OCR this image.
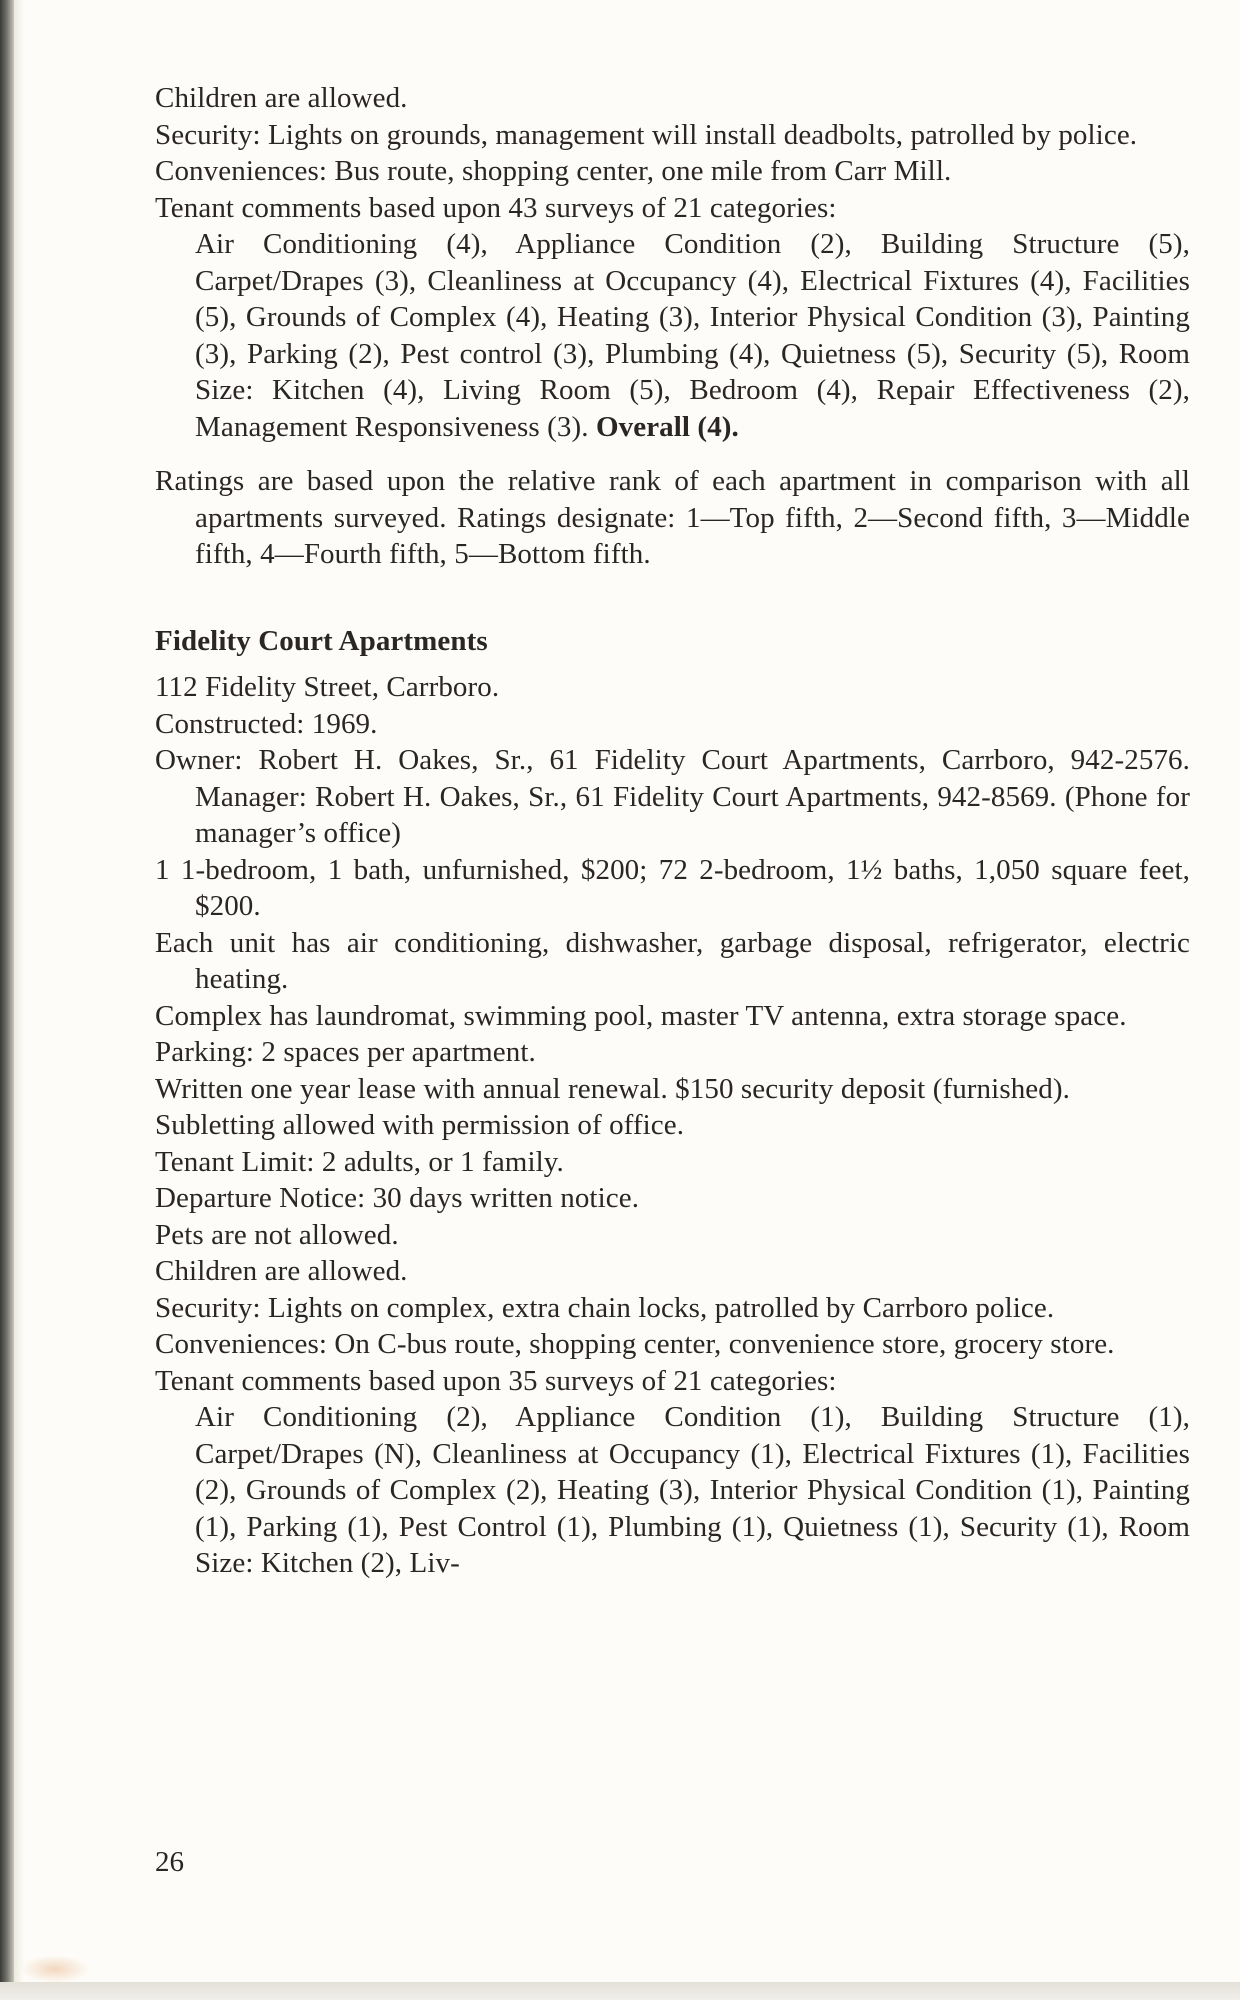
Children are allowed.

Security: Lights on grounds, management will install deadbolts, patrolled by police.

Conveniences: Bus route, shopping center, one mile from Carr Mill.

Tenant comments based upon 43 surveys of 21 categories:

Air Conditioning (4), Appliance Condition (2), Building Structure (5), Carpet/Drapes (3), Cleanliness at Occupancy (4), Electrical Fixtures (4), Facilities (5), Grounds of Complex (4), Heating (3), Interior Physical Condition (3), Painting (3), Parking (2), Pest control (3), Plumbing (4), Quietness (5), Security (5), Room Size: Kitchen (4), Living Room (5), Bedroom (4), Repair Effectiveness (2), Management Responsiveness (3). Overall (4).

Ratings are based upon the relative rank of each apartment in comparison with all apartments surveyed. Ratings designate: 1—Top fifth, 2—Second fifth, 3—Middle fifth, 4—Fourth fifth, 5—Bottom fifth.

Fidelity Court Apartments

112 Fidelity Street, Carrboro.

Constructed: 1969.

Owner: Robert H. Oakes, Sr., 61 Fidelity Court Apartments, Carrboro, 942-2576. Manager: Robert H. Oakes, Sr., 61 Fidelity Court Apartments, 942-8569. (Phone for manager’s office)

1 1-bedroom, 1 bath, unfurnished, $200; 72 2-bedroom, 1½ baths, 1,050 square feet, $200.

Each unit has air conditioning, dishwasher, garbage disposal, refrigerator, electric heating.

Complex has laundromat, swimming pool, master TV antenna, extra storage space.

Parking: 2 spaces per apartment.

Written one year lease with annual renewal. $150 security deposit (furnished).

Subletting allowed with permission of office.

Tenant Limit: 2 adults, or 1 family.

Departure Notice: 30 days written notice.

Pets are not allowed.

Children are allowed.

Security: Lights on complex, extra chain locks, patrolled by Carrboro police.

Conveniences: On C-bus route, shopping center, convenience store, grocery store.

Tenant comments based upon 35 surveys of 21 categories:

Air Conditioning (2), Appliance Condition (1), Building Structure (1), Carpet/Drapes (N), Cleanliness at Occupancy (1), Electrical Fixtures (1), Facilities (2), Grounds of Complex (2), Heating (3), Interior Physical Condition (1), Painting (1), Parking (1), Pest Control (1), Plumbing (1), Quietness (1), Security (1), Room Size: Kitchen (2), Liv-

26
